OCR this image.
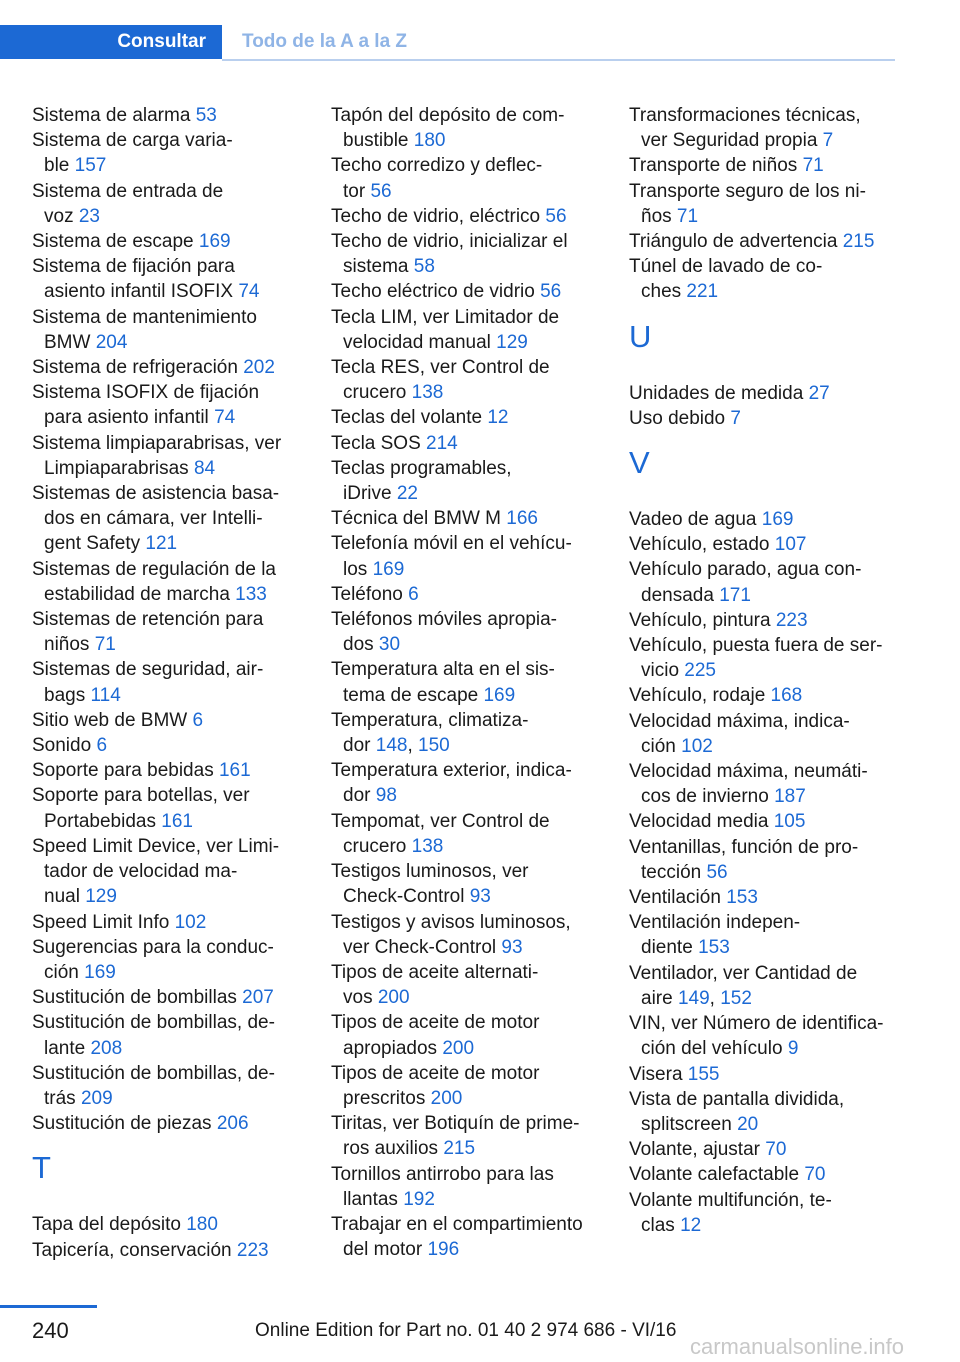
Consultar	Todo de la A a la Z
Sistema de alarma 53
Sistema de carga varia-
ble 157
Sistema de entrada de
voz 23
Sistema de escape 169
Sistema de fijación para
asiento infantil ISOFIX 74
Sistema de mantenimiento
BMW 204
Sistema de refrigeración 202
Sistema ISOFIX de fijación
para asiento infantil 74
Sistema limpiaparabrisas, ver
Limpiaparabrisas 84
Sistemas de asistencia basa-
dos en cámara, ver Intelli-
gent Safety 121
Sistemas de regulación de la
estabilidad de marcha 133
Sistemas de retención para
niños 71
Sistemas de seguridad, air-
bags 114
Sitio web de BMW 6
Sonido 6
Soporte para bebidas 161
Soporte para botellas, ver
Portabebidas 161
Speed Limit Device, ver Limi-
tador de velocidad ma-
nual 129
Speed Limit Info 102
Sugerencias para la conduc-
ción 169
Sustitución de bombillas 207
Sustitución de bombillas, de-
lante 208
Sustitución de bombillas, de-
trás 209
Sustitución de piezas 206
T
Tapa del depósito 180
Tapicería, conservación 223
Tapón del depósito de com-
bustible 180
Techo corredizo y deflec-
tor 56
Techo de vidrio, eléctrico 56
Techo de vidrio, inicializar el
sistema 58
Techo eléctrico de vidrio 56
Tecla LIM, ver Limitador de
velocidad manual 129
Tecla RES, ver Control de
crucero 138
Teclas del volante 12
Tecla SOS 214
Teclas programables,
iDrive 22
Técnica del BMW M 166
Telefonía móvil en el vehícu-
los 169
Teléfono 6
Teléfonos móviles apropia-
dos 30
Temperatura alta en el sis-
tema de escape 169
Temperatura, climatiza-
dor 148, 150
Temperatura exterior, indica-
dor 98
Tempomat, ver Control de
crucero 138
Testigos luminosos, ver
Check-Control 93
Testigos y avisos luminosos,
ver Check-Control 93
Tipos de aceite alternati-
vos 200
Tipos de aceite de motor
apropiados 200
Tipos de aceite de motor
prescritos 200
Tiritas, ver Botiquín de prime-
ros auxilios 215
Tornillos antirrobo para las
llantas 192
Trabajar en el compartimiento
del motor 196
Transformaciones técnicas,
ver Seguridad propia 7
Transporte de niños 71
Transporte seguro de los ni-
ños 71
Triángulo de advertencia 215
Túnel de lavado de co-
ches 221
U
Unidades de medida 27
Uso debido 7
V
Vadeo de agua 169
Vehículo, estado 107
Vehículo parado, agua con-
densada 171
Vehículo, pintura 223
Vehículo, puesta fuera de ser-
vicio 225
Vehículo, rodaje 168
Velocidad máxima, indica-
ción 102
Velocidad máxima, neumáti-
cos de invierno 187
Velocidad media 105
Ventanillas, función de pro-
tección 56
Ventilación 153
Ventilación indepen-
diente 153
Ventilador, ver Cantidad de
aire 149, 152
VIN, ver Número de identifica-
ción del vehículo 9
Visera 155
Vista de pantalla dividida,
splitscreen 20
Volante, ajustar 70
Volante calefactable 70
Volante multifunción, te-
clas 12
240	Online Edition for Part no. 01 40 2 974 686 - VI/16
carmanualsonline.info
